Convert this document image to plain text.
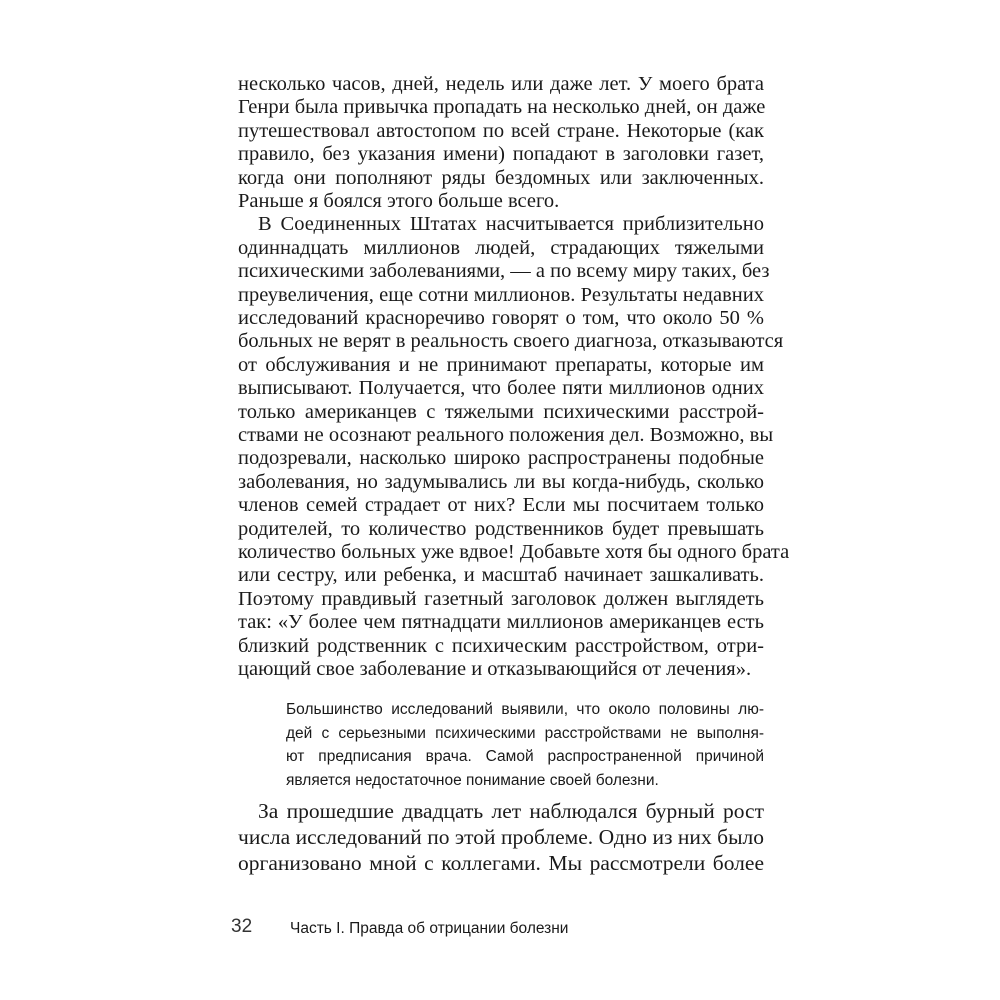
несколько часов, дней, недель или даже лет. У моего брата
Генри была привычка пропадать на несколько дней, он даже
путешествовал автостопом по всей стране. Некоторые (как
правило, без указания имени) попадают в заголовки газет,
когда они пополняют ряды бездомных или заключенных.
Раньше я боялся этого больше всего.
В Соединенных Штатах насчитывается приблизительно
одиннадцать миллионов людей, страдающих тяжелыми
психическими заболеваниями, — а по всему миру таких, без
преувеличения, еще сотни миллионов. Результаты недавних
исследований красноречиво говорят о том, что около 50 %
больных не верят в реальность своего диагноза, отказываются
от обслуживания и не принимают препараты, которые им
выписывают. Получается, что более пяти миллионов одних
только американцев с тяжелыми психическими расстрой-
ствами не осознают реального положения дел. Возможно, вы
подозревали, насколько широко распространены подобные
заболевания, но задумывались ли вы когда-нибудь, сколько
членов семей страдает от них? Если мы посчитаем только
родителей, то количество родственников будет превышать
количество больных уже вдвое! Добавьте хотя бы одного брата
или сестру, или ребенка, и масштаб начинает зашкаливать.
Поэтому правдивый газетный заголовок должен выглядеть
так: «У более чем пятнадцати миллионов американцев есть
близкий родственник с психическим расстройством, отри-
цающий свое заболевание и отказывающийся от лечения».
Большинство исследований выявили, что около половины лю-
дей с серьезными психическими расстройствами не выполня-
ют предписания врача. Самой распространенной причиной
является недостаточное понимание своей болезни.
32 Часть I. Правда об отрицании болезни
За прошедшие двадцать лет наблюдался бурный рост
числа исследований по этой проблеме. Одно из них было
организовано мной с коллегами. Мы рассмотрели более
